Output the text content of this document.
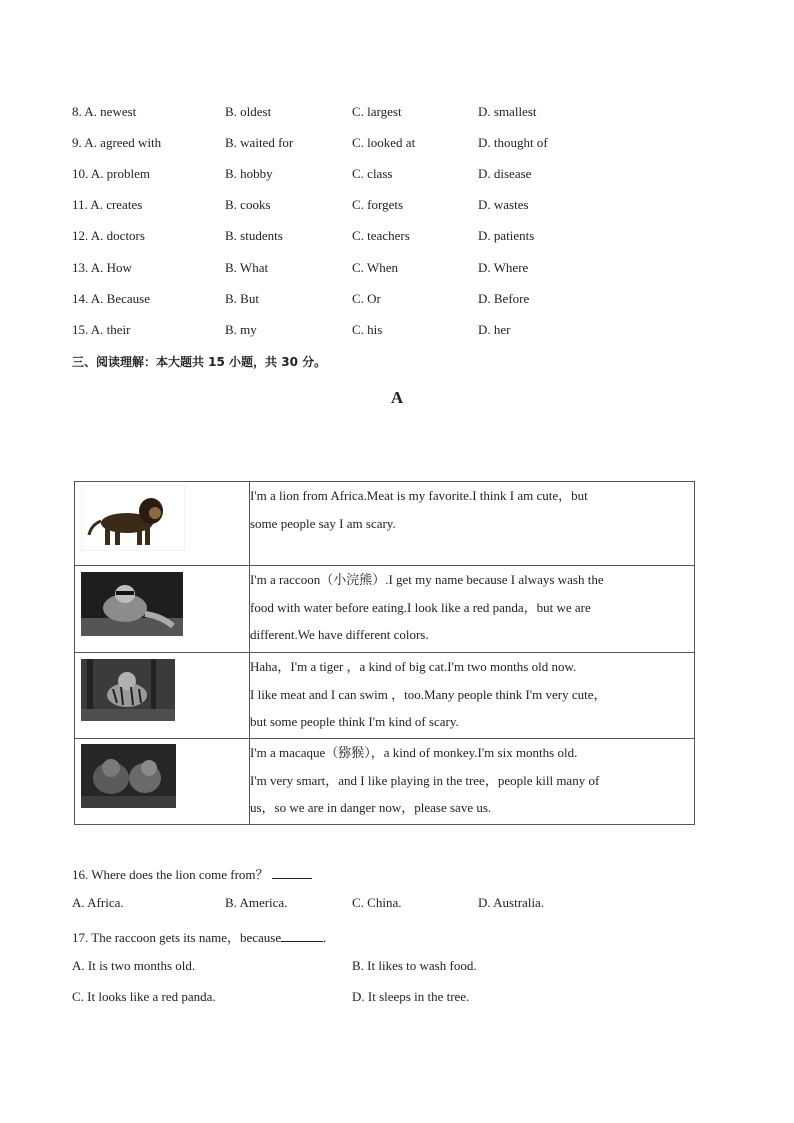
8. A. newest	B. oldest	C. largest	D. smallest
9. A. agreed with	B. waited for	C. looked at	D. thought of
10. A. problem	B. hobby	C. class	D. disease
11. A. creates	B. cooks	C. forgets	D. wastes
12. A. doctors	B. students	C. teachers	D. patients
13. A. How	B. What	C. When	D. Where
14. A. Because	B. But	C. Or	D. Before
15. A. their	B. my	C. his	D. her
三、阅读理解：本大题共 15 小题，共 30 分。
A

I'm a lion from Africa.Meat is my favorite.I think I am cute，but
some people say I am scary.

I'm a raccoon（小浣熊）.I get my name because I always wash the
food with water before eating.I look like a red panda，but we are
different.We have different colors.

Haha，I'm a tiger ，a kind of big cat.I'm two months old now.
I like meat and I can swim ，too.Many people think I'm very cute，
but some people think I'm kind of scary.

I'm a macaque（猕猴），a kind of monkey.I'm six months old.
I'm very smart，and I like playing in the tree，people kill many of
us，so we are in danger now，please save us.
16. Where does the lion come from？
A. Africa.	B. America.	C. China.	D. Australia.
17. The raccoon gets its name，because	.
A. It is two months old.	B. It likes to wash food.
C. It looks like a red panda.	D. It sleeps in the tree.
